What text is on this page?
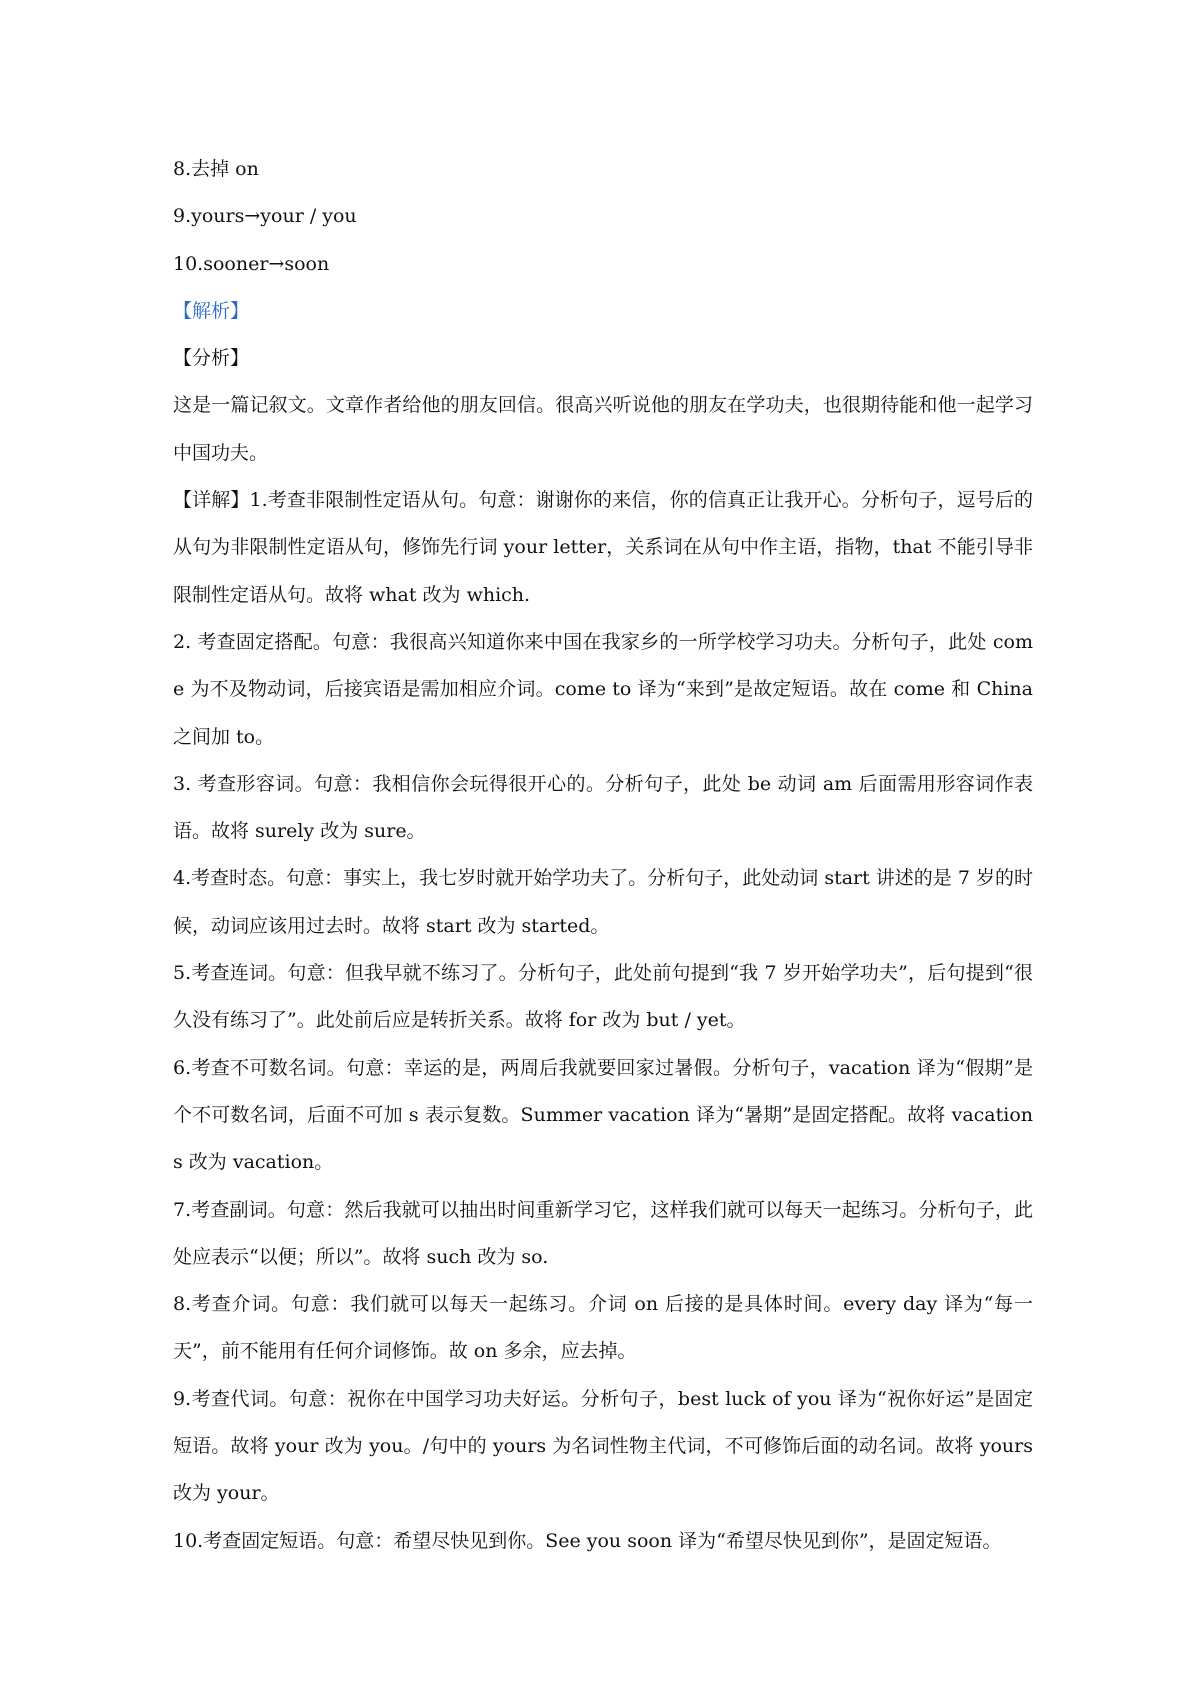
8.去掉 on

9.yours→your / you

10.sooner→soon

【解析】

【分析】

这是一篇记叙文。文章作者给他的朋友回信。很高兴听说他的朋友在学功夫，也很期待能和他一起学习中国功夫。

【详解】1.考查非限制性定语从句。句意：谢谢你的来信，你的信真正让我开心。分析句子，逗号后的从句为非限制性定语从句，修饰先行词 your letter，关系词在从句中作主语，指物，that 不能引导非限制性定语从句。故将 what 改为 which.

2. 考查固定搭配。句意：我很高兴知道你来中国在我家乡的一所学校学习功夫。分析句子，此处 come 为不及物动词，后接宾语是需加相应介词。come to 译为“来到”是故定短语。故在 come 和 China之间加 to。

3. 考查形容词。句意：我相信你会玩得很开心的。分析句子，此处 be 动词 am 后面需用形容词作表语。故将 surely 改为 sure。

4.考查时态。句意：事实上，我七岁时就开始学功夫了。分析句子，此处动词 start 讲述的是 7 岁的时候，动词应该用过去时。故将 start 改为 started。

5.考查连词。句意：但我早就不练习了。分析句子，此处前句提到“我 7 岁开始学功夫”，后句提到“很久没有练习了”。此处前后应是转折关系。故将 for 改为 but / yet。

6.考查不可数名词。句意：幸运的是，两周后我就要回家过暑假。分析句子，vacation 译为“假期”是个不可数名词，后面不可加 s 表示复数。Summer vacation 译为“暑期”是固定搭配。故将 vacations 改为 vacation。

7.考查副词。句意：然后我就可以抽出时间重新学习它，这样我们就可以每天一起练习。分析句子，此处应表示“以便；所以”。故将 such 改为 so.

8.考查介词。句意：我们就可以每天一起练习。介词 on 后接的是具体时间。every day 译为“每一天”，前不能用有任何介词修饰。故 on 多余，应去掉。

9.考查代词。句意：祝你在中国学习功夫好运。分析句子，best luck of you 译为“祝你好运”是固定短语。故将 your 改为 you。/句中的 yours 为名词性物主代词，不可修饰后面的动名词。故将 yours 改为 your。

10.考查固定短语。句意：希望尽快见到你。See you soon 译为“希望尽快见到你”，是固定短语。
